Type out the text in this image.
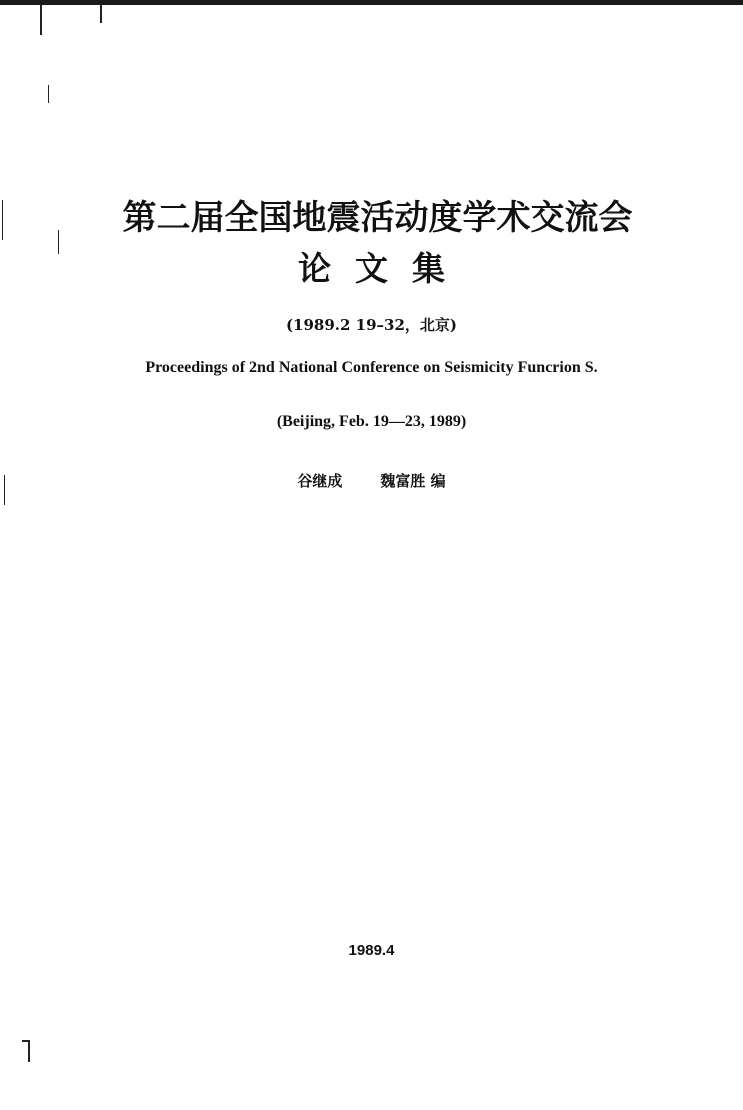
第二届全国地震活动度学术交流会
论文集
(1989.2 19–32，北京)
Proceedings of 2nd National Conference on Seismicity Funcrion S.
(Beijing, Feb. 19—23, 1989)
谷继成	魏富胜 编
1989.4
